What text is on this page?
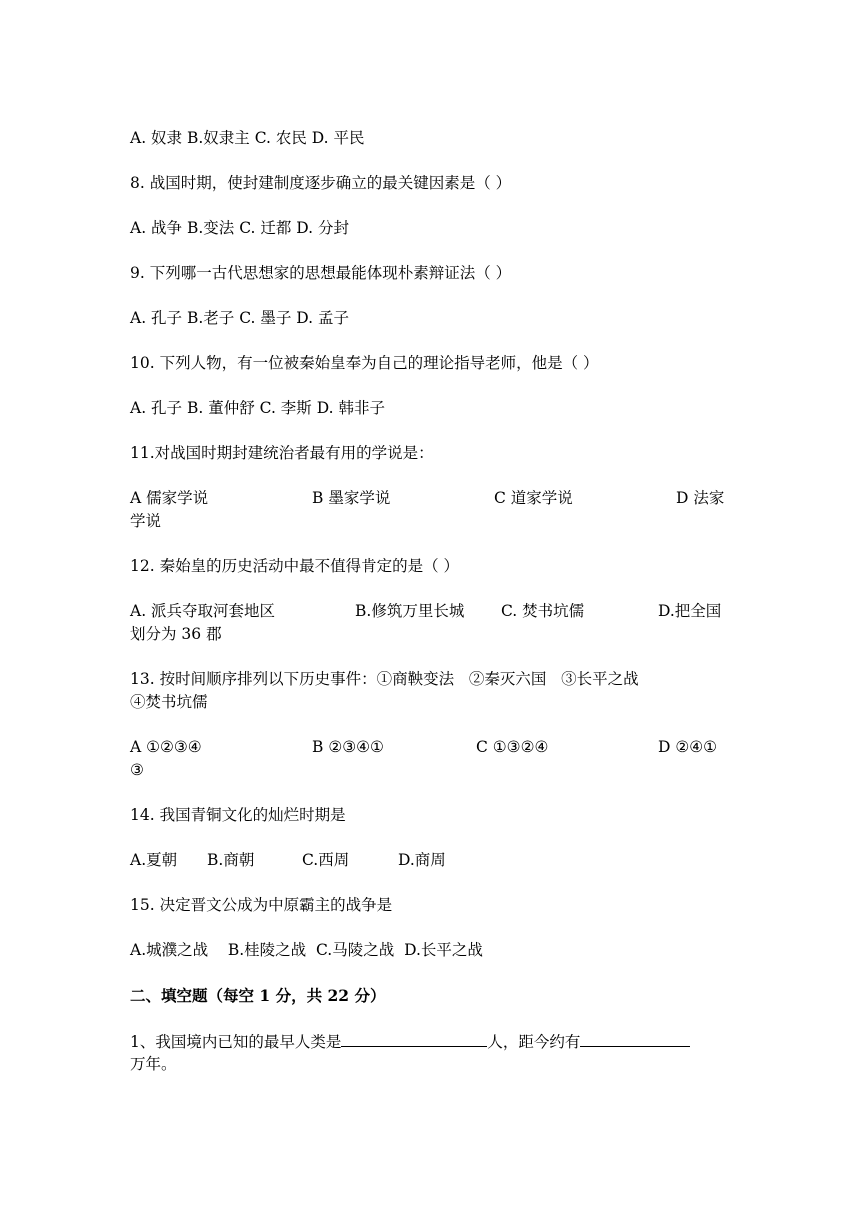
A. 奴隶 B.奴隶主 C. 农民 D. 平民
8. 战国时期，使封建制度逐步确立的最关键因素是（ ）
A. 战争 B.变法 C. 迁都 D. 分封
9. 下列哪一古代思想家的思想最能体现朴素辩证法（ ）
A. 孔子 B.老子 C. 墨子 D. 孟子
10. 下列人物，有一位被秦始皇奉为自己的理论指导老师，他是（ ）
A. 孔子 B. 董仲舒 C. 李斯 D. 韩非子
11.对战国时期封建统治者最有用的学说是：
A 儒家学说	B 墨家学说	C 道家学说	D 法家
学说
12. 秦始皇的历史活动中最不值得肯定的是（ ）
A. 派兵夺取河套地区	B.修筑万里长城 C. 焚书坑儒	D.把全国
划分为 36 郡
13. 按时间顺序排列以下历史事件：①商鞅变法   ②秦灭六国   ③长平之战
④焚书坑儒
A ①②③④	B ②③④①	C ①③②④	D ②④①
③
14. 我国青铜文化的灿烂时期是
A.夏朝 B.商朝	C.西周	D.商周
15. 决定晋文公成为中原霸主的战争是
A.城濮之战    B.桂陵之战  C.马陵之战  D.长平之战
二、填空题（每空 1 分，共 22 分）
1、我国境内已知的最早人类是	人，距今约有
万年。
